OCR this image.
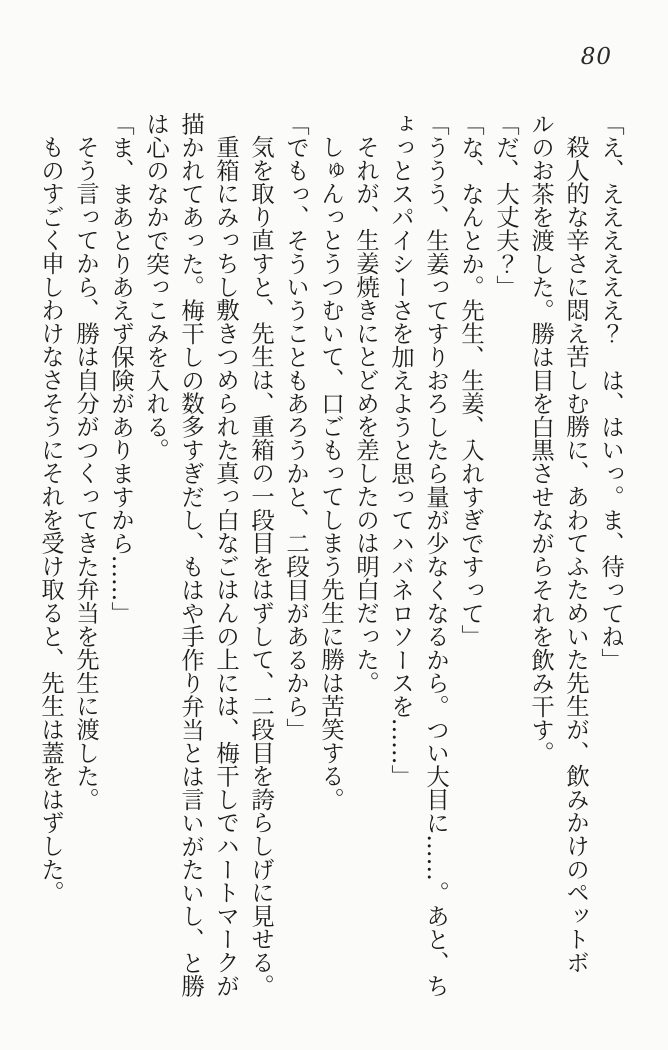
80

「え、ええええええ？　は、はいっ。ま、待ってね」

殺人的な辛さに悶え苦しむ勝に、あわてふためいた先生が、飲みかけのペットボ

ルのお茶を渡した。勝は目を白黒させながらそれを飲み干す。

「だ、大丈夫？」

「な、なんとか。先生、生姜、入れすぎですって」

「ううう、生姜ってすりおろしたら量が少なくなるから。つい大目に……。あと、ち

ょっとスパイシーさを加えようと思ってハバネロソースを……」

それが、生姜焼きにとどめを差したのは明白だった。

しゅんっとうつむいて、口ごもってしまう先生に勝は苦笑する。

「でもっ、そういうこともあろうかと、二段目があるから」

気を取り直すと、先生は、重箱の一段目をはずして、二段目を誇らしげに見せる。

重箱にみっちし敷きつめられた真っ白なごはんの上には、梅干しでハートマークが

描かれてあった。梅干しの数多すぎだし、もはや手作り弁当とは言いがたいし、と勝

は心のなかで突っこみを入れる。

「ま、まあとりあえず保険がありますから……」

そう言ってから、勝は自分がつくってきた弁当を先生に渡した。

ものすごく申しわけなさそうにそれを受け取ると、先生は蓋をはずした。
